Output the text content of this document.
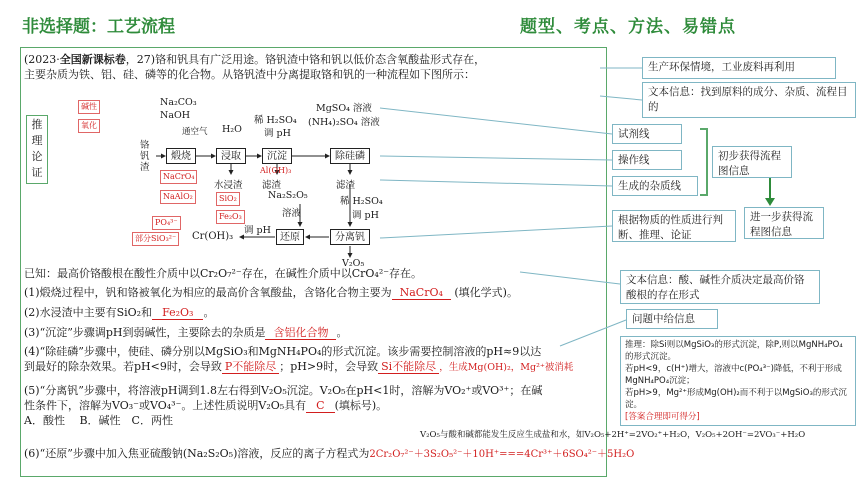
非选择题：工艺流程	题型、考点、方法、易错点
(2023·全国新课标卷，27)铬和钒具有广泛用途。铬钒渣中铬和钒以低价态含氧酸盐形式存在，
主要杂质为铁、铝、硅、磷等的化合物。从铬钒渣中分离提取铬和钒的一种流程如下图所示：
推理论证
碱性
氧化
Na₂CO₃
NaOH
通空气 H₂O
稀 H₂SO₄
调 pH
MgSO₄ 溶液
(NH₄)₂SO₄ 溶液
铬钒渣
煅烧	浸取	沉淀	除硅磷
水浸渣 滤渣	滤渣
Na₂S₂O₅
溶液
稀 H₂SO₄
调 pH
调 pH
还原	分离钒
Cr(OH)₃
V₂O₅
NaCrO₄
NaAlO₂	SiO₂
Fe₂O₃
Al(OH)₃
PO₄³⁻
部分SiO₃²⁻
已知：最高价铬酸根在酸性介质中以Cr₂O₇²⁻存在，在碱性介质中以CrO₄²⁻存在。
(1)煅烧过程中，钒和铬被氧化为相应的最高价含氧酸盐，含铬化合物主要为 NaCrO₄ (填化学式)。
(2)水浸渣中主要有SiO₂和 Fe₂O₃ 。
(3)“沉淀”步骤调pH到弱碱性，主要除去的杂质是 含铝化合物 。
(4)“除硅磷”步骤中，使硅、磷分别以MgSiO₃和MgNH₄PO₄的形式沉淀。该步需要控制溶液的pH≈9以达
到最好的除杂效果。若pH<9时，会导致 P不能除尽 ；pH>9时，会导致 Si不能除尽 ，生成Mg(OH)₂，Mg²⁺被消耗
(5)“分离钒”步骤中，将溶液pH调到1.8左右得到V₂O₅沉淀。V₂O₅在pH<1时，溶解为VO₂⁺或VO³⁺；在碱
性条件下，溶解为VO₃⁻或VO₄³⁻。上述性质说明V₂O₅具有 C (填标号)。
A．酸性　 B．碱性　C．两性
V₂O₅与酸和碱都能发生反应生成盐和水，如V₂O₅+2H⁺=2VO₂⁺+H₂O，V₂O₅+2OH⁻=2VO₃⁻+H₂O
(6)“还原”步骤中加入焦亚硫酸钠(Na₂S₂O₅)溶液，反应的离子方程式为2Cr₂O₇²⁻＋3S₂O₅²⁻＋10H⁺===4Cr³⁺＋6SO₄²⁻＋5H₂O
生产环保情境，工业废料再利用
文本信息：找到原料的成分、杂质、流程目的
试剂线
操作线
生成的杂质线
初步获得流程图信息
进一步获得流程图信息
根据物质的性质进行判断、推理、论证
文本信息：酸、碱性介质决定最高价铬酸根的存在形式
问题中给信息
推理：除Si则以MgSiO₃的形式沉淀，除P,则以MgNH₄PO₄的形式沉淀。
若pH<9，c(H⁺)增大，溶液中c(PO₄³⁻)降低，不利于形成MgNH₄PO₄沉淀；
若pH>9，Mg²⁺形成Mg(OH)₂而不利于以MgSiO₃的形式沉淀。
[答案合理即可得分]
